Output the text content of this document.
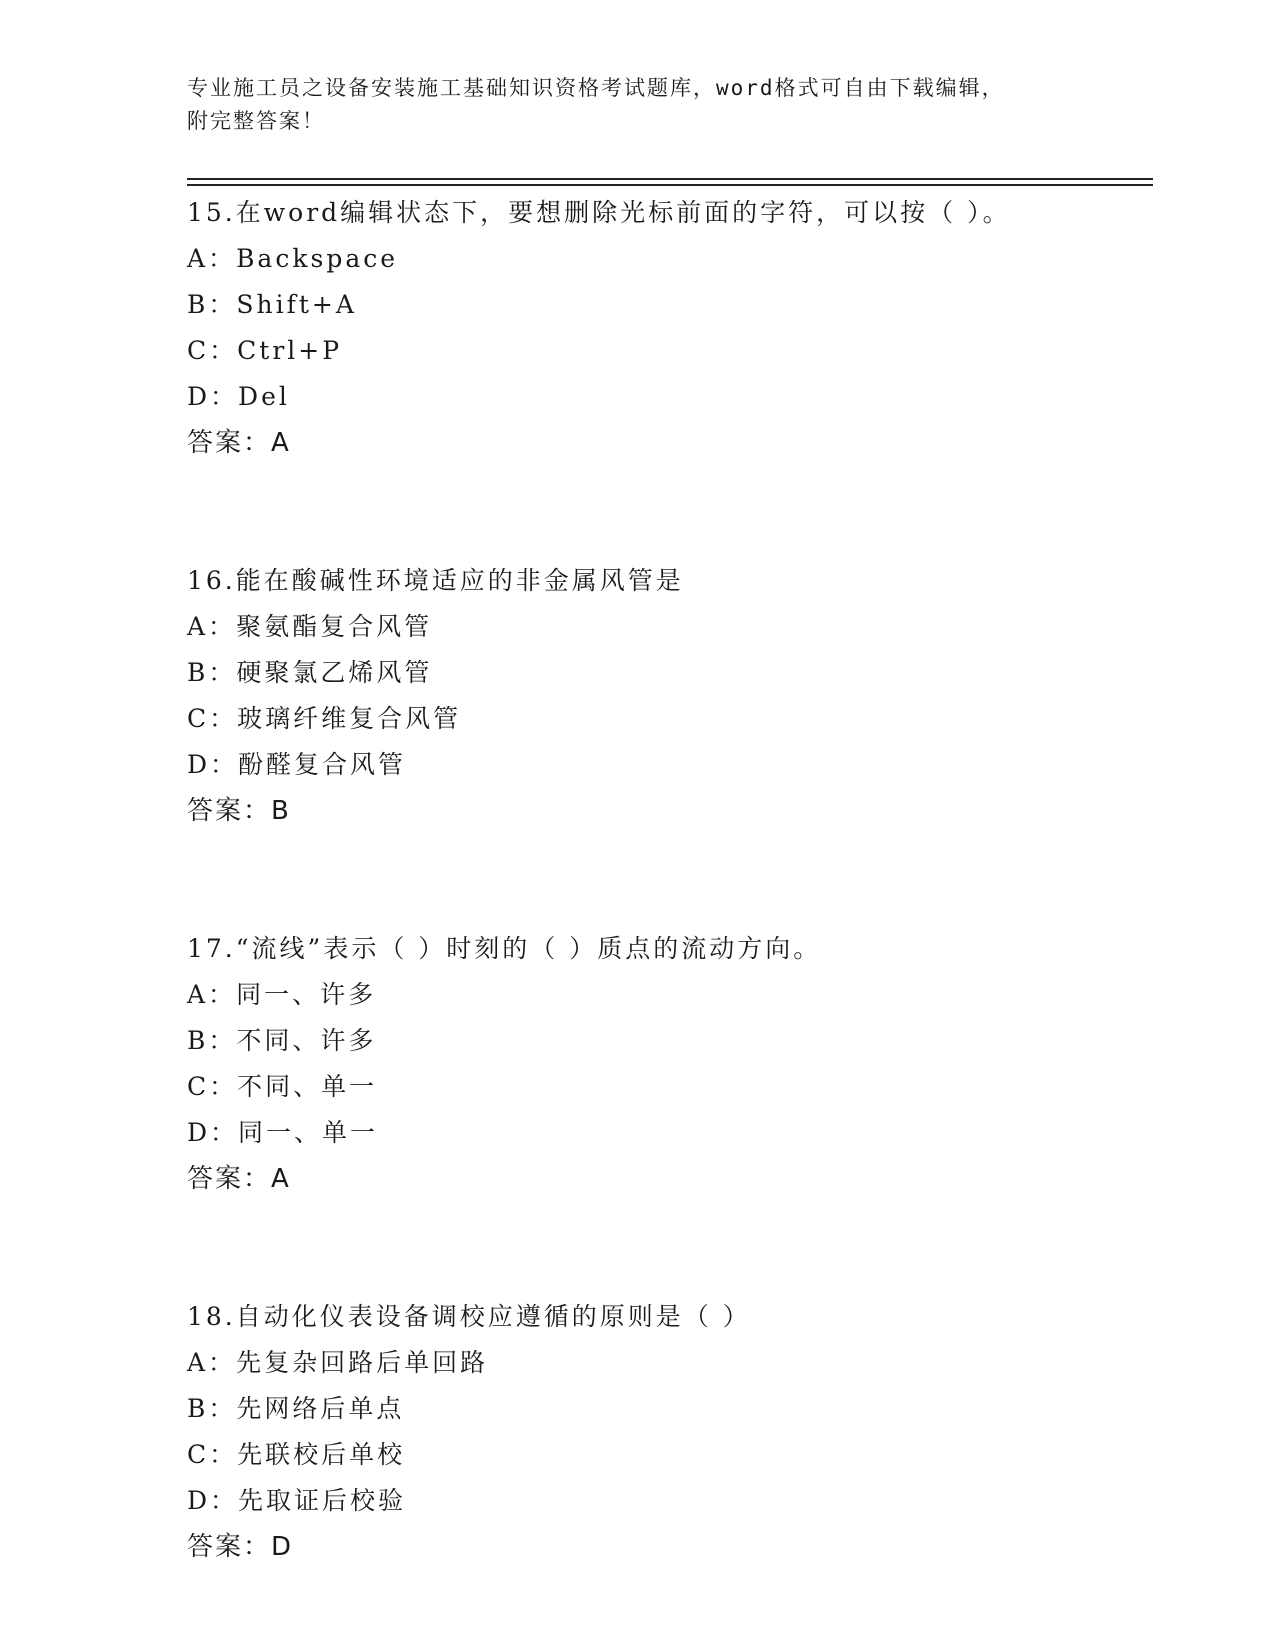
专业施工员之设备安装施工基础知识资格考试题库，word格式可自由下载编辑，
附完整答案！
15.在word编辑状态下，要想删除光标前面的字符，可以按（ ）。
A：Backspace
B：Shift+A
C：Ctrl+P
D：Del
答案：A
16.能在酸碱性环境适应的非金属风管是
A：聚氨酯复合风管
B：硬聚氯乙烯风管
C：玻璃纤维复合风管
D：酚醛复合风管
答案：B
17.“流线”表示（ ）时刻的（ ）质点的流动方向。
A：同一、许多
B：不同、许多
C：不同、单一
D：同一、单一
答案：A
18.自动化仪表设备调校应遵循的原则是（ ）
A：先复杂回路后单回路
B：先网络后单点
C：先联校后单校
D：先取证后校验
答案：D
